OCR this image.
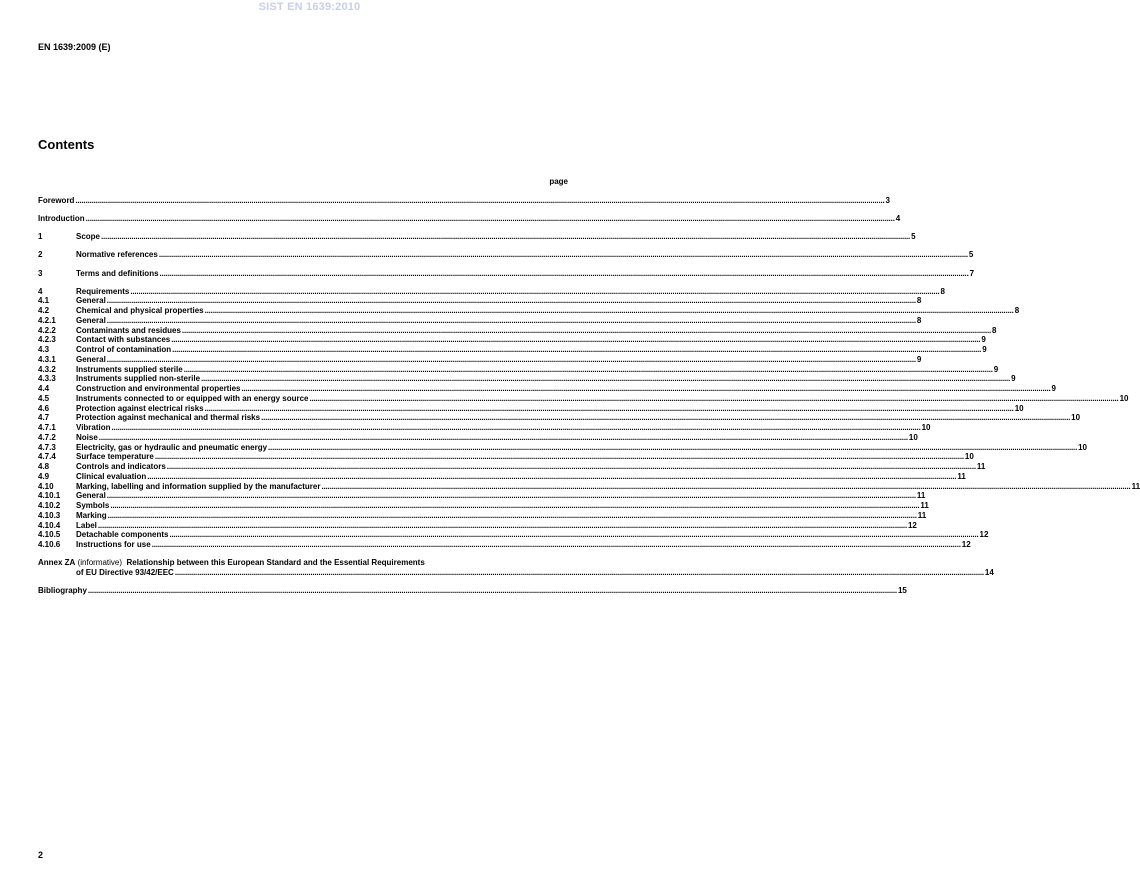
SIST EN 1639:2010
EN 1639:2009 (E)
Contents
page
Foreword ................................................................................................................................................................................................................................................................................................................................................................................................................ 3
Introduction ................................................................................................................................................................................................................................................................................................................................................................................................................ 4
1	Scope ................................................................................................................................................................................................................................................................................................................................................................................................................ 5
2	Normative references ................................................................................................................................................................................................................................................................................................................................................................................................................ 5
3	Terms and definitions ................................................................................................................................................................................................................................................................................................................................................................................................................ 7
4	Requirements ................................................................................................................................................................................................................................................................................................................................................................................................................ 8
4.1	General ................................................................................................................................................................................................................................................................................................................................................................................................................ 8
4.2	Chemical and physical properties ................................................................................................................................................................................................................................................................................................................................................................................................................ 8
4.2.1	General ................................................................................................................................................................................................................................................................................................................................................................................................................ 8
4.2.2	Contaminants and residues ................................................................................................................................................................................................................................................................................................................................................................................................................ 8
4.2.3	Contact with substances ................................................................................................................................................................................................................................................................................................................................................................................................................ 9
4.3	Control of contamination ................................................................................................................................................................................................................................................................................................................................................................................................................ 9
4.3.1	General ................................................................................................................................................................................................................................................................................................................................................................................................................ 9
4.3.2	Instruments supplied sterile ................................................................................................................................................................................................................................................................................................................................................................................................................ 9
4.3.3	Instruments supplied non-sterile ................................................................................................................................................................................................................................................................................................................................................................................................................ 9
4.4	Construction and environmental properties ................................................................................................................................................................................................................................................................................................................................................................................................................ 9
4.5	Instruments connected to or equipped with an energy source ................................................................................................................................................................................................................................................................................................................................................................................................................ 10
4.6	Protection against electrical risks ................................................................................................................................................................................................................................................................................................................................................................................................................ 10
4.7	Protection against mechanical and thermal risks ................................................................................................................................................................................................................................................................................................................................................................................................................ 10
4.7.1	Vibration ................................................................................................................................................................................................................................................................................................................................................................................................................ 10
4.7.2	Noise ................................................................................................................................................................................................................................................................................................................................................................................................................ 10
4.7.3	Electricity, gas or hydraulic and pneumatic energy ................................................................................................................................................................................................................................................................................................................................................................................................................ 10
4.7.4	Surface temperature ................................................................................................................................................................................................................................................................................................................................................................................................................ 10
4.8	Controls and indicators ................................................................................................................................................................................................................................................................................................................................................................................................................ 11
4.9	Clinical evaluation ................................................................................................................................................................................................................................................................................................................................................................................................................ 11
4.10	Marking, labelling and information supplied by the manufacturer ................................................................................................................................................................................................................................................................................................................................................................................................................ 11
4.10.1	General ................................................................................................................................................................................................................................................................................................................................................................................................................ 11
4.10.2	Symbols ................................................................................................................................................................................................................................................................................................................................................................................................................ 11
4.10.3	Marking ................................................................................................................................................................................................................................................................................................................................................................................................................ 11
4.10.4	Label ................................................................................................................................................................................................................................................................................................................................................................................................................ 12
4.10.5	Detachable components ................................................................................................................................................................................................................................................................................................................................................................................................................ 12
4.10.6	Instructions for use ................................................................................................................................................................................................................................................................................................................................................................................................................ 12
Annex ZA (informative) Relationship between this European Standard and the Essential Requirements
of EU Directive 93/42/EEC ................................................................................................................................................................................................................................................................................................................................................................................................................ 14
Bibliography ................................................................................................................................................................................................................................................................................................................................................................................................................ 15
2
